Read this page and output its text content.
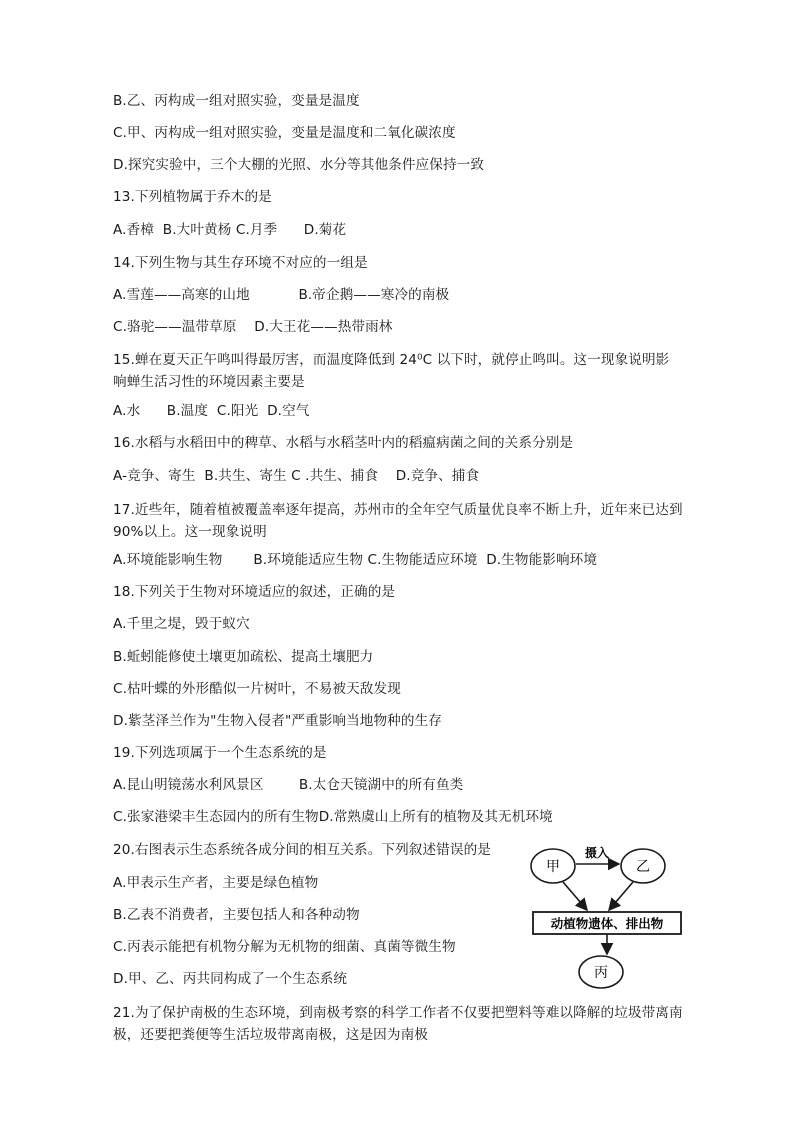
B.乙、丙构成一组对照实验，变量是温度
C.甲、丙构成一组对照实验，变量是温度和二氧化碳浓度
D.探究实验中，三个大棚的光照、水分等其他条件应保持一致
13.下列植物属于乔木的是
A.香樟  B.大叶黄杨 C.月季      D.菊花
14.下列生物与其生存环境不对应的一组是
A.雪莲——高寒的山地           B.帝企鹅——寒冷的南极
C.骆驼——温带草原    D.大王花——热带雨林
15.蝉在夏天正午鸣叫得最厉害，而温度降低到 24⁰C 以下时，就停止鸣叫。这一现象说明影响蝉生活习性的环境因素主要是
A.水      B.温度  C.阳光  D.空气
16.水稻与水稻田中的稗草、水稻与水稻茎叶内的稻瘟病菌之间的关系分别是
A-竞争、寄生  B.共生、寄生 C .共生、捕食    D.竞争、捕食
17.近些年，随着植被覆盖率逐年提高，苏州市的全年空气质量优良率不断上升，近年来已达到 90%以上。这一现象说明
A.环境能影响生物       B.环境能适应生物 C.生物能适应环境  D.生物能影响环境
18.下列关于生物对环境适应的叙述，正确的是
A.千里之堤，毁于蚁穴
B.蚯蚓能修使土壤更加疏松、提高土壤肥力
C.枯叶蝶的外形酷似一片树叶，不易被天敌发现
D.紫茎泽兰作为"生物入侵者"严重影响当地物种的生存
19.下列选项属于一个生态系统的是
A.昆山明镜荡水利风景区        B.太仓天镜湖中的所有鱼类
C.张家港梁丰生态园内的所有生物D.常熟虞山上所有的植物及其无机环境
20.右图表示生态系统各成分间的相互关系。下列叙述错误的是
A.甲表示生产者，主要是绿色植物
B.乙表不消费者，主要包括人和各种动物
C.丙表示能把有机物分解为无机物的细菌、真菌等微生物
D.甲、乙、丙共同构成了一个生态系统
21.为了保护南极的生态环境，到南极考察的科学工作者不仅要把塑料等难以降解的垃圾带离南极，还要把粪便等生活垃圾带离南极，这是因为南极
甲	乙
摄入
动植物遗体、排出物
丙
